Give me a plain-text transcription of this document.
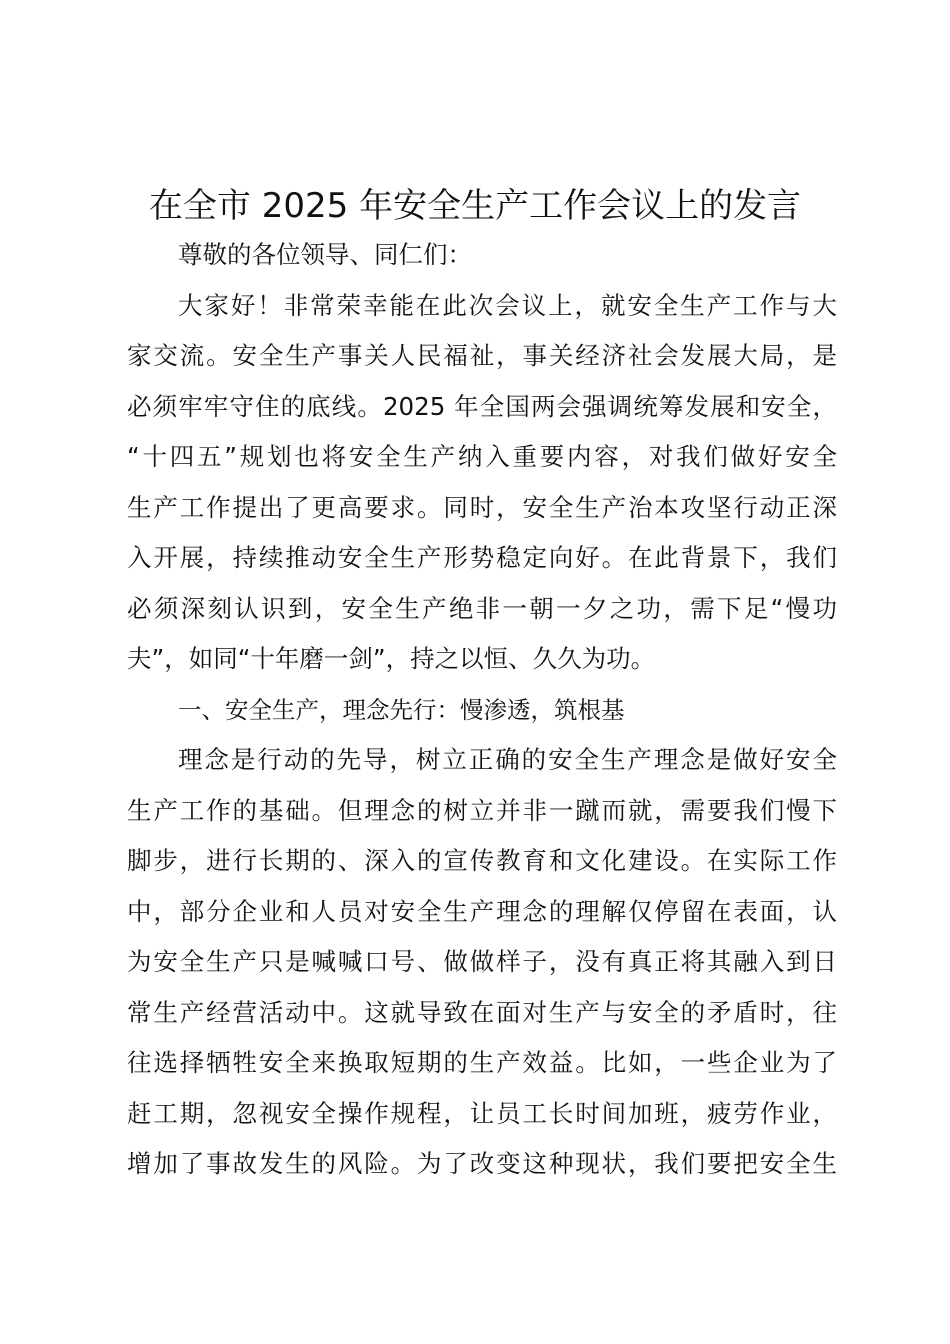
在全市 2025 年安全生产工作会议上的发言
尊敬的各位领导、同仁们：
大家好！非常荣幸能在此次会议上，就安全生产工作与大
家交流。安全生产事关人民福祉，事关经济社会发展大局，是
必须牢牢守住的底线。2025 年全国两会强调统筹发展和安全，
“十四五”规划也将安全生产纳入重要内容，对我们做好安全
生产工作提出了更高要求。同时，安全生产治本攻坚行动正深
入开展，持续推动安全生产形势稳定向好。在此背景下，我们
必须深刻认识到，安全生产绝非一朝一夕之功，需下足“慢功
夫”，如同“十年磨一剑”，持之以恒、久久为功。
一、安全生产，理念先行：慢渗透，筑根基
理念是行动的先导，树立正确的安全生产理念是做好安全
生产工作的基础。但理念的树立并非一蹴而就，需要我们慢下
脚步，进行长期的、深入的宣传教育和文化建设。在实际工作
中，部分企业和人员对安全生产理念的理解仅停留在表面，认
为安全生产只是喊喊口号、做做样子，没有真正将其融入到日
常生产经营活动中。这就导致在面对生产与安全的矛盾时，往
往选择牺牲安全来换取短期的生产效益。比如，一些企业为了
赶工期，忽视安全操作规程，让员工长时间加班，疲劳作业，
增加了事故发生的风险。为了改变这种现状，我们要把安全生
